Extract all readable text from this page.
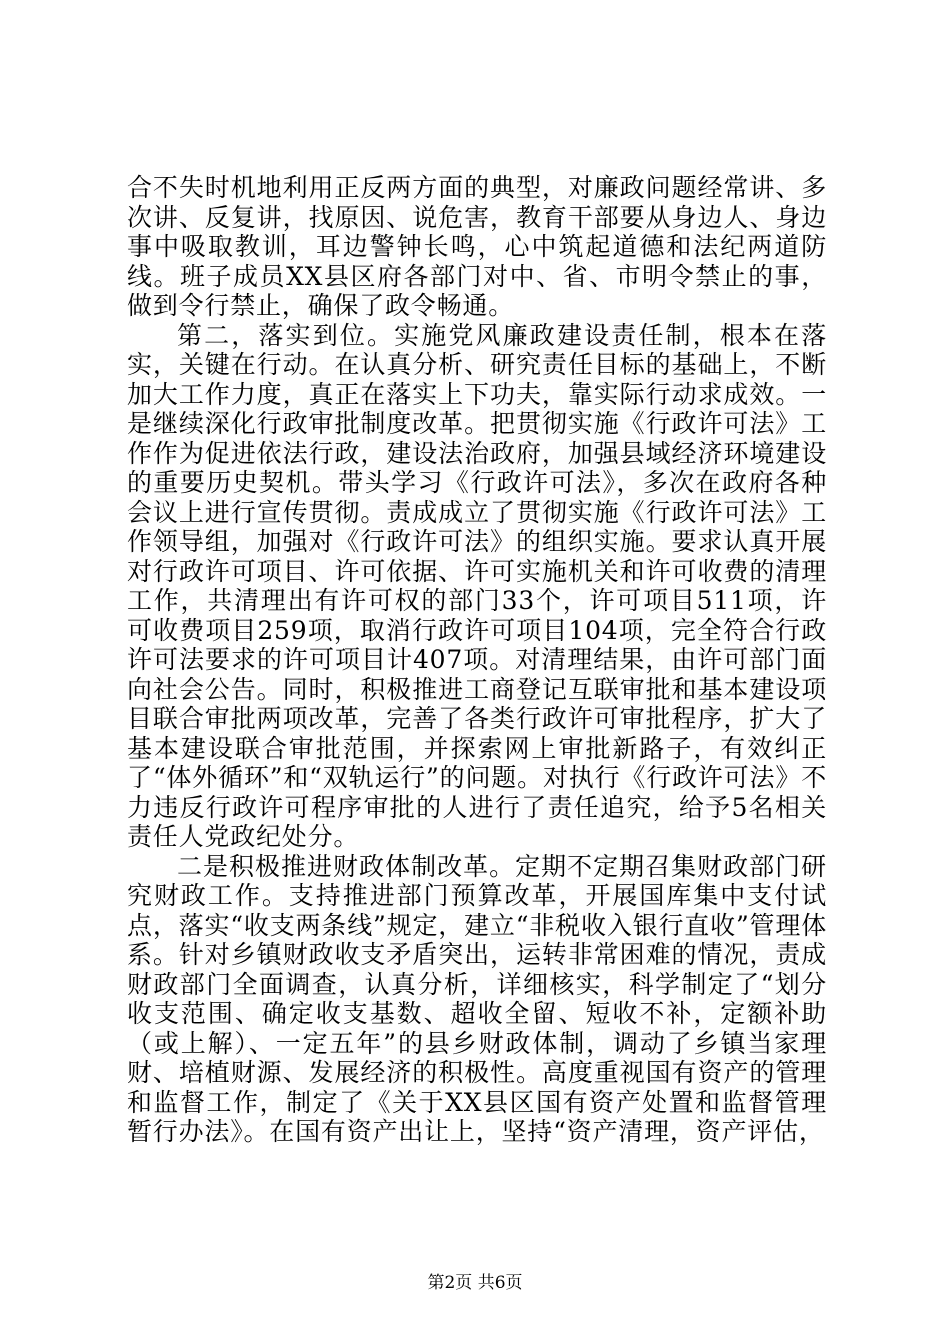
合不失时机地利用正反两方面的典型，对廉政问题经常讲、多次讲、反复讲，找原因、说危害，教育干部要从身边人、身边事中吸取教训，耳边警钟长鸣，心中筑起道德和法纪两道防线。班子成员XX县区府各部门对中、省、市明令禁止的事，做到令行禁止，确保了政令畅通。

第二，落实到位。实施党风廉政建设责任制，根本在落实，关键在行动。在认真分析、研究责任目标的基础上，不断加大工作力度，真正在落实上下功夫，靠实际行动求成效。一是继续深化行政审批制度改革。把贯彻实施《行政许可法》工作作为促进依法行政，建设法治政府，加强县域经济环境建设的重要历史契机。带头学习《行政许可法》，多次在政府各种会议上进行宣传贯彻。责成成立了贯彻实施《行政许可法》工作领导组，加强对《行政许可法》的组织实施。要求认真开展对行政许可项目、许可依据、许可实施机关和许可收费的清理工作，共清理出有许可权的部门33个，许可项目511项，许可收费项目259项，取消行政许可项目104项，完全符合行政许可法要求的许可项目计407项。对清理结果，由许可部门面向社会公告。同时，积极推进工商登记互联审批和基本建设项目联合审批两项改革，完善了各类行政许可审批程序，扩大了基本建设联合审批范围，并探索网上审批新路子，有效纠正了“体外循环”和“双轨运行”的问题。对执行《行政许可法》不力违反行政许可程序审批的人进行了责任追究，给予5名相关责任人党政纪处分。

二是积极推进财政体制改革。定期不定期召集财政部门研究财政工作。支持推进部门预算改革，开展国库集中支付试点，落实“收支两条线”规定，建立“非税收入银行直收”管理体系。针对乡镇财政收支矛盾突出，运转非常困难的情况，责成财政部门全面调查，认真分析，详细核实，科学制定了“划分收支范围、确定收支基数、超收全留、短收不补，定额补助（或上解）、一定五年”的县乡财政体制，调动了乡镇当家理财、培植财源、发展经济的积极性。高度重视国有资产的管理和监督工作，制定了《关于XX县区国有资产处置和监督管理暂行办法》。在国有资产出让上，坚持“资产清理，资产评估，

第2页 共6页
